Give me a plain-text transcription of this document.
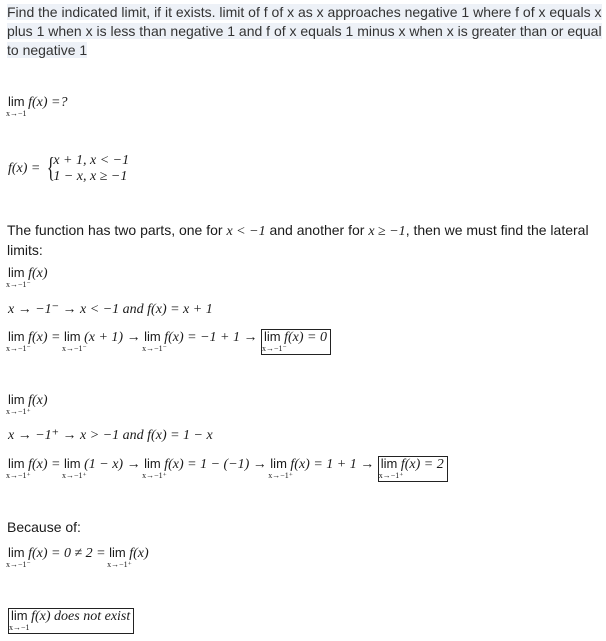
Find the indicated limit, if it exists. limit of f of x as x approaches negative 1 where f of x equals x plus 1 when x is less than negative 1 and f of x equals 1 minus x when x is greater than or equal to negative 1
lim
x→−1
f(x) =?
f(x) = {
x + 1, x < −1
1 − x, x ≥ −1
The function has two parts, one for x < −1 and another for x ≥ −1, then we must find the lateral limits:
lim
x→−1⁻
f(x)
x → −1⁻ → x < −1 and f(x) = x + 1
lim
x→−1⁻
f(x) = lim
x→−1⁻
(x + 1) → lim
x→−1⁻
f(x) = −1 + 1 → lim
x→−1⁻
f(x) = 0
lim
x→−1⁺
f(x)
x → −1⁺ → x > −1 and f(x) = 1 − x
lim
x→−1⁺
f(x) = lim
x→−1⁺
(1 − x) → lim
x→−1⁺
f(x) = 1 − (−1) → lim
x→−1⁺
f(x) = 1 + 1 → lim
x→−1⁺
f(x) = 2
Because of:
lim
x→−1⁻
f(x) = 0 ≠ 2 = lim
x→−1⁺
f(x)
lim
x→−1
f(x) does not exist
